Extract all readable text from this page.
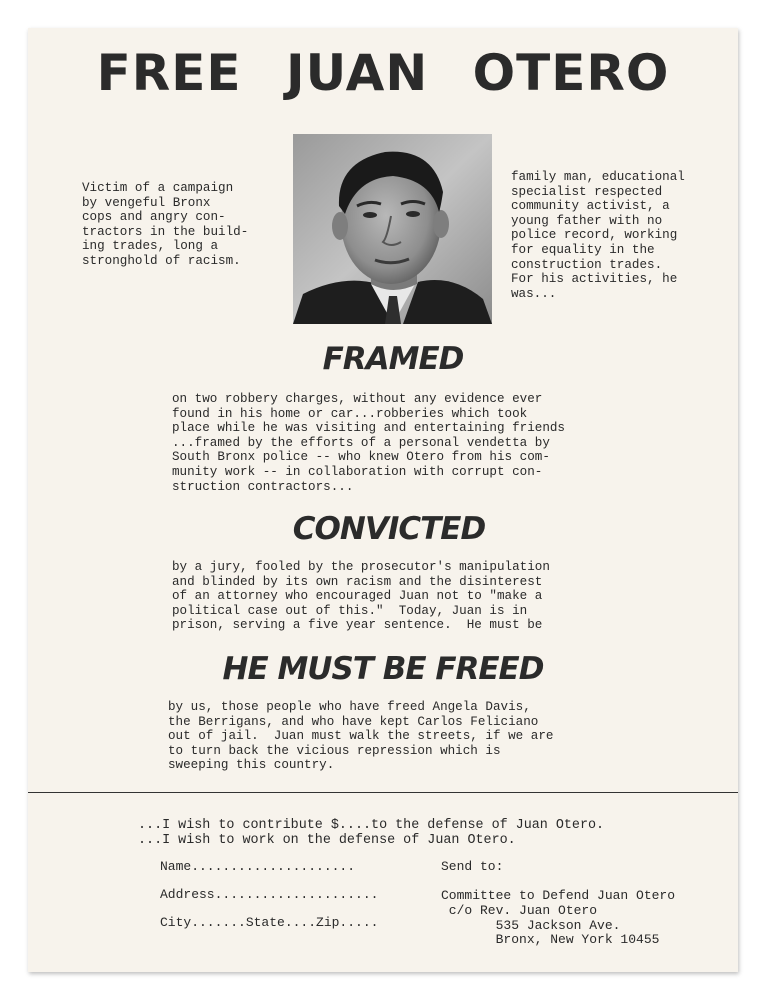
FREE JUAN OTERO

Victim of a campaign
by vengeful Bronx
cops and angry con-
tractors in the build-
ing trades, long a
stronghold of racism.

family man, educational
specialist respected
community activist, a
young father with no
police record, working
for equality in the
construction trades.
For his activities, he
was...

FRAMED

on two robbery charges, without any evidence ever
found in his home or car...robberies which took
place while he was visiting and entertaining friends
...framed by the efforts of a personal vendetta by
South Bronx police -- who knew Otero from his com-
munity work -- in collaboration with corrupt con-
struction contractors...

CONVICTED

by a jury, fooled by the prosecutor's manipulation
and blinded by its own racism and the disinterest
of an attorney who encouraged Juan not to "make a
political case out of this."  Today, Juan is in
prison, serving a five year sentence.  He must be

HE MUST BE FREED

by us, those people who have freed Angela Davis,
the Berrigans, and who have kept Carlos Feliciano
out of jail.  Juan must walk the streets, if we are
to turn back the vicious repression which is
sweeping this country.

...I wish to contribute $....to the defense of Juan Otero.
...I wish to work on the defense of Juan Otero.

Name.....................

Address.....................

City.......State....Zip.....

Send to:

Committee to Defend Juan Otero
c/o Rev. Juan Otero
535 Jackson Ave.
Bronx, New York 10455
